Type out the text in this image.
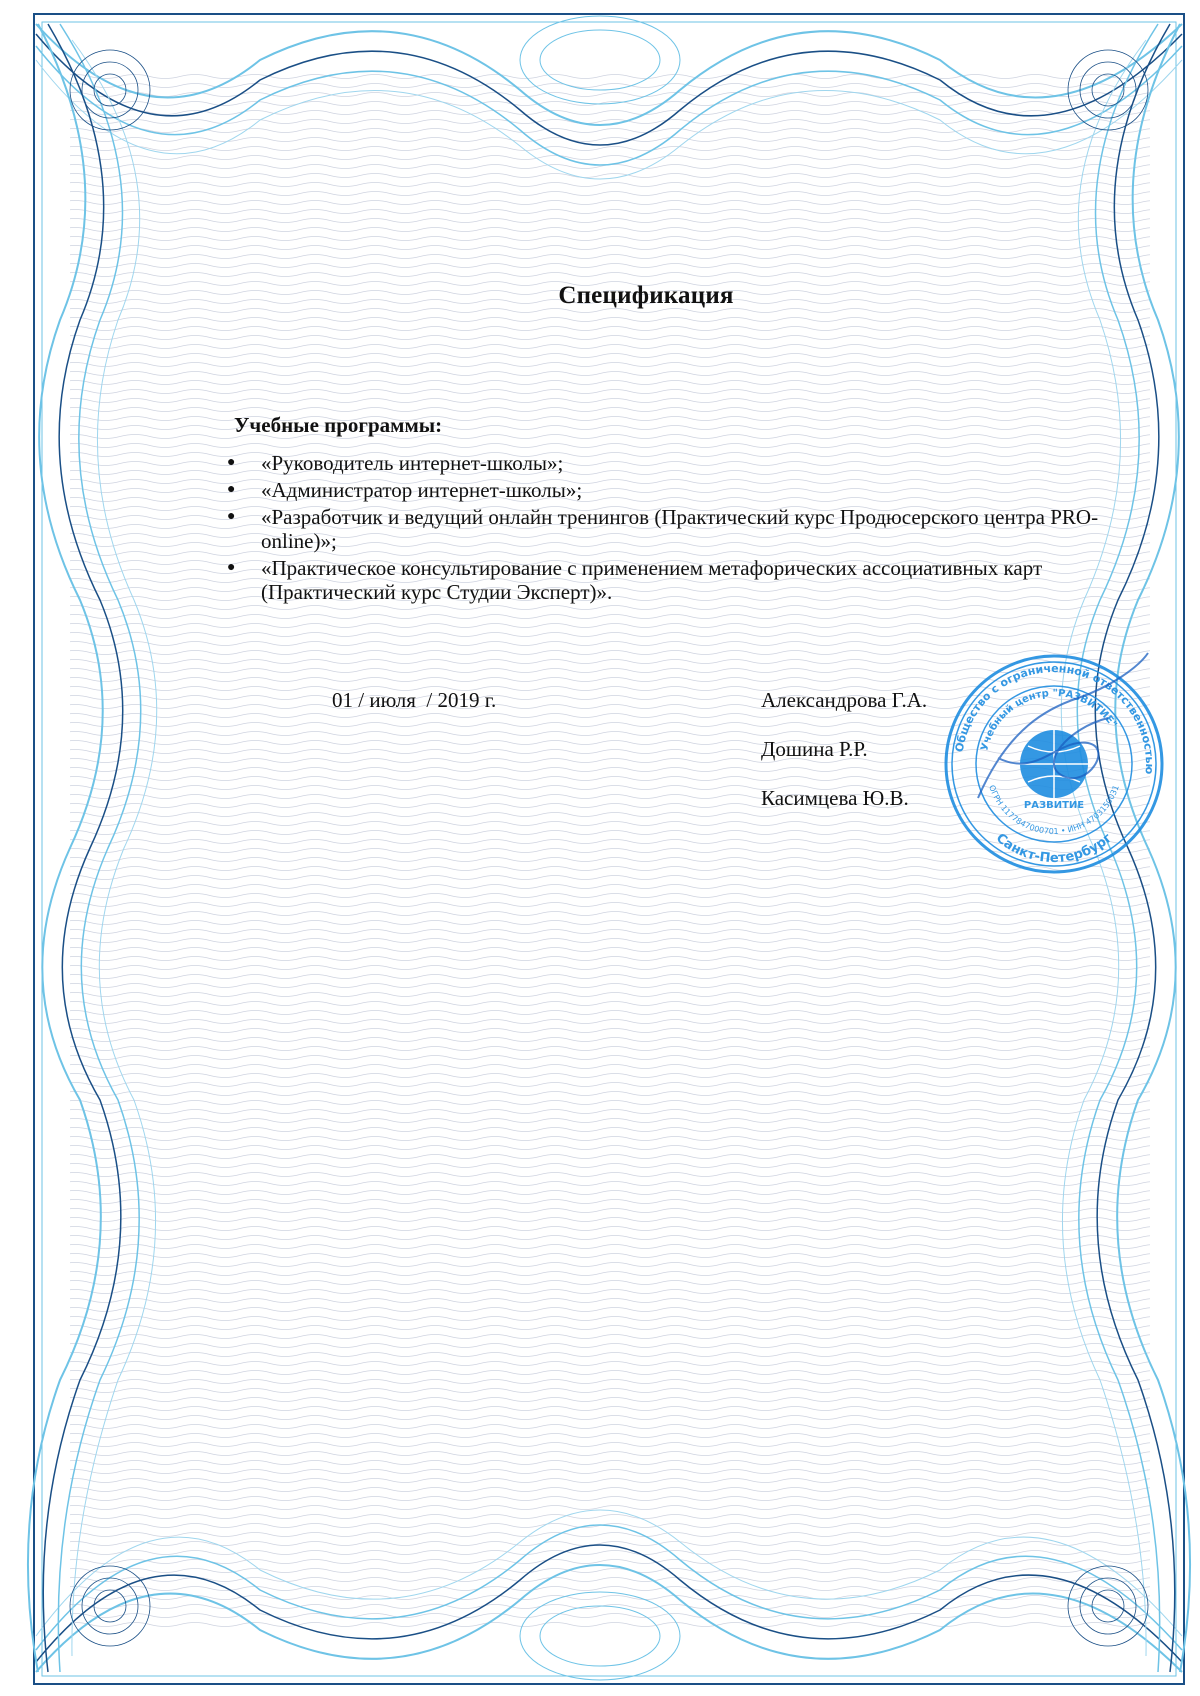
Спецификация
Учебные программы:
● «Руководитель интернет-школы»;
● «Администратор интернет-школы»;
● «Разработчик и ведущий онлайн тренингов (Практический курс Продюсерского центра PRO-online)»;
● «Практическое консультирование с применением метафорических ассоциативных карт (Практический курс Студии Эксперт)».
01 / июля  / 2019 г.	Александрова Г.А.
Дошина Р.Р.
Касимцева Ю.В.
Общество с ограниченной ответственностью
Учебный центр "РАЗВИТИЕ"
Санкт-Петербург
ОГРН 1177847000701 • ИНН 4703150031
РАЗВИТИЕ
